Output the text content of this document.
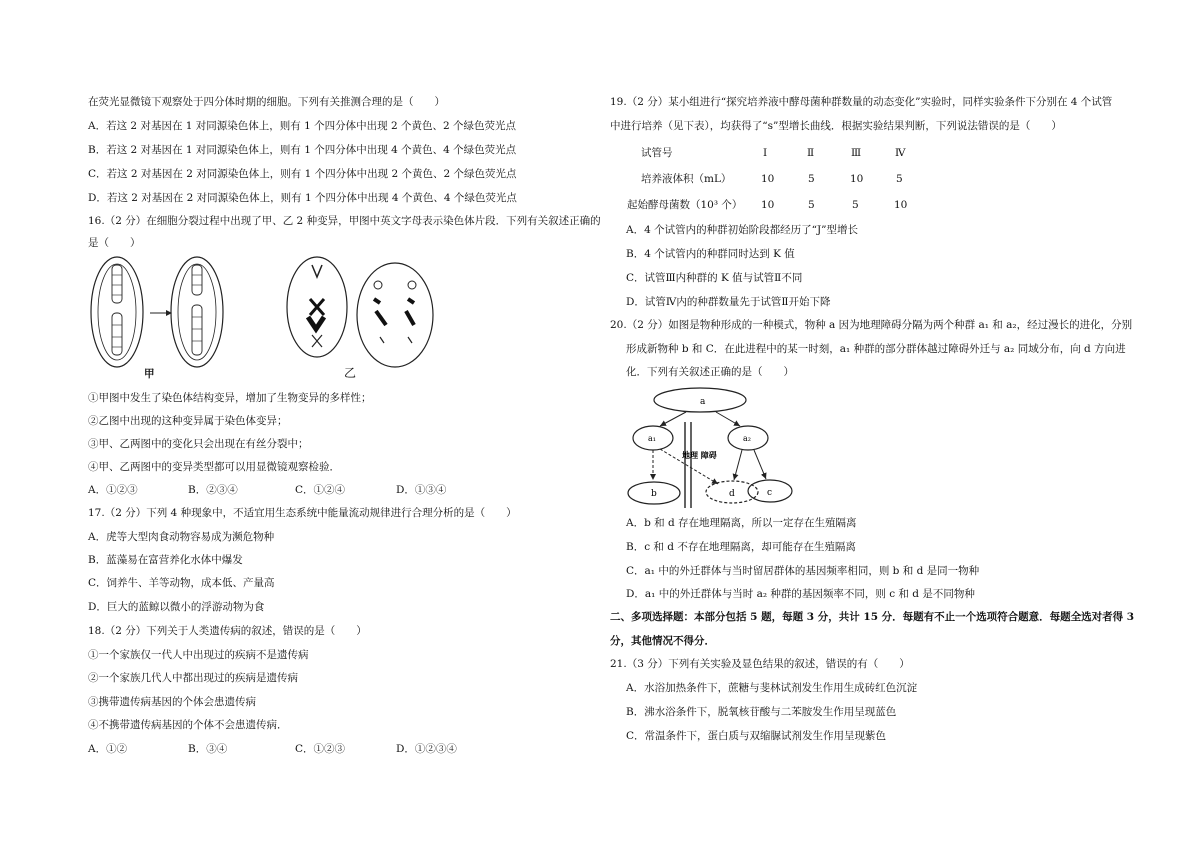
在荧光显微镜下观察处于四分体时期的细胞。下列有关推测合理的是（　　）
A．若这 2 对基因在 1 对同源染色体上，则有 1 个四分体中出现 2 个黄色、2 个绿色荧光点
B．若这 2 对基因在 1 对同源染色体上，则有 1 个四分体中出现 4 个黄色、4 个绿色荧光点
C．若这 2 对基因在 2 对同源染色体上，则有 1 个四分体中出现 2 个黄色、2 个绿色荧光点
D．若这 2 对基因在 2 对同源染色体上，则有 1 个四分体中出现 4 个黄色、4 个绿色荧光点
16.（2 分）在细胞分裂过程中出现了甲、乙 2 种变异，甲图中英文字母表示染色体片段．下列有关叙述正确的
是（　　）
甲	乙
①甲图中发生了染色体结构变异，增加了生物变异的多样性；
②乙图中出现的这种变异属于染色体变异；
③甲、乙两图中的变化只会出现在有丝分裂中；
④甲、乙两图中的变异类型都可以用显微镜观察检验．
A．①②③	B．②③④	C．①②④	D．①③④
17.（2 分）下列 4 种现象中，不适宜用生态系统中能量流动规律进行合理分析的是（　　）
A．虎等大型肉食动物容易成为濒危物种
B．蓝藻易在富营养化水体中爆发
C．饲养牛、羊等动物，成本低、产量高
D．巨大的蓝鲸以微小的浮游动物为食
18.（2 分）下列关于人类遗传病的叙述，错误的是（　　）
①一个家族仅一代人中出现过的疾病不是遗传病
②一个家族几代人中都出现过的疾病是遗传病
③携带遗传病基因的个体会患遗传病
④不携带遗传病基因的个体不会患遗传病．
A．①②	B．③④	C．①②③	D．①②③④
19.（2 分）某小组进行“探究培养液中酵母菌种群数量的动态变化”实验时，同样实验条件下分别在 4 个试管
中进行培养（见下表），均获得了“s”型增长曲线．根据实验结果判断，下列说法错误的是（　　）
试管号	Ⅰ	Ⅱ	Ⅲ	Ⅳ
培养液体积（mL）	10	5	10	5
起始酵母菌数（10³ 个） 10	5	5	10
A．4 个试管内的种群初始阶段都经历了“J”型增长
B．4 个试管内的种群同时达到 K 值
C．试管Ⅲ内种群的 K 值与试管Ⅱ不同
D．试管Ⅳ内的种群数量先于试管Ⅱ开始下降
20.（2 分）如图是物种形成的一种模式，物种 a 因为地理障碍分隔为两个种群 a₁ 和 a₂，经过漫长的进化，分别
形成新物种 b 和 C．在此进程中的某一时刻，a₁ 种群的部分群体越过障碍外迁与 a₂ 同域分布，向 d 方向进
化．下列有关叙述正确的是（　　）
a
a₁	a₂
b	d	c
地理 障碍
A．b 和 d 存在地理隔离，所以一定存在生殖隔离
B．c 和 d 不存在地理隔离，却可能存在生殖隔离
C．a₁ 中的外迁群体与当时留居群体的基因频率相同，则 b 和 d 是同一物种
D．a₁ 中的外迁群体与当时 a₂ 种群的基因频率不同，则 c 和 d 是不同物种
二、多项选择题：本部分包括 5 题，每题 3 分，共计 15 分．每题有不止一个选项符合题意．每题全选对者得 3
分，其他情况不得分．
21.（3 分）下列有关实验及显色结果的叙述，错误的有（　　）
A．水浴加热条件下，蔗糖与斐林试剂发生作用生成砖红色沉淀
B．沸水浴条件下，脱氧核苷酸与二苯胺发生作用呈现蓝色
C．常温条件下，蛋白质与双缩脲试剂发生作用呈现紫色
